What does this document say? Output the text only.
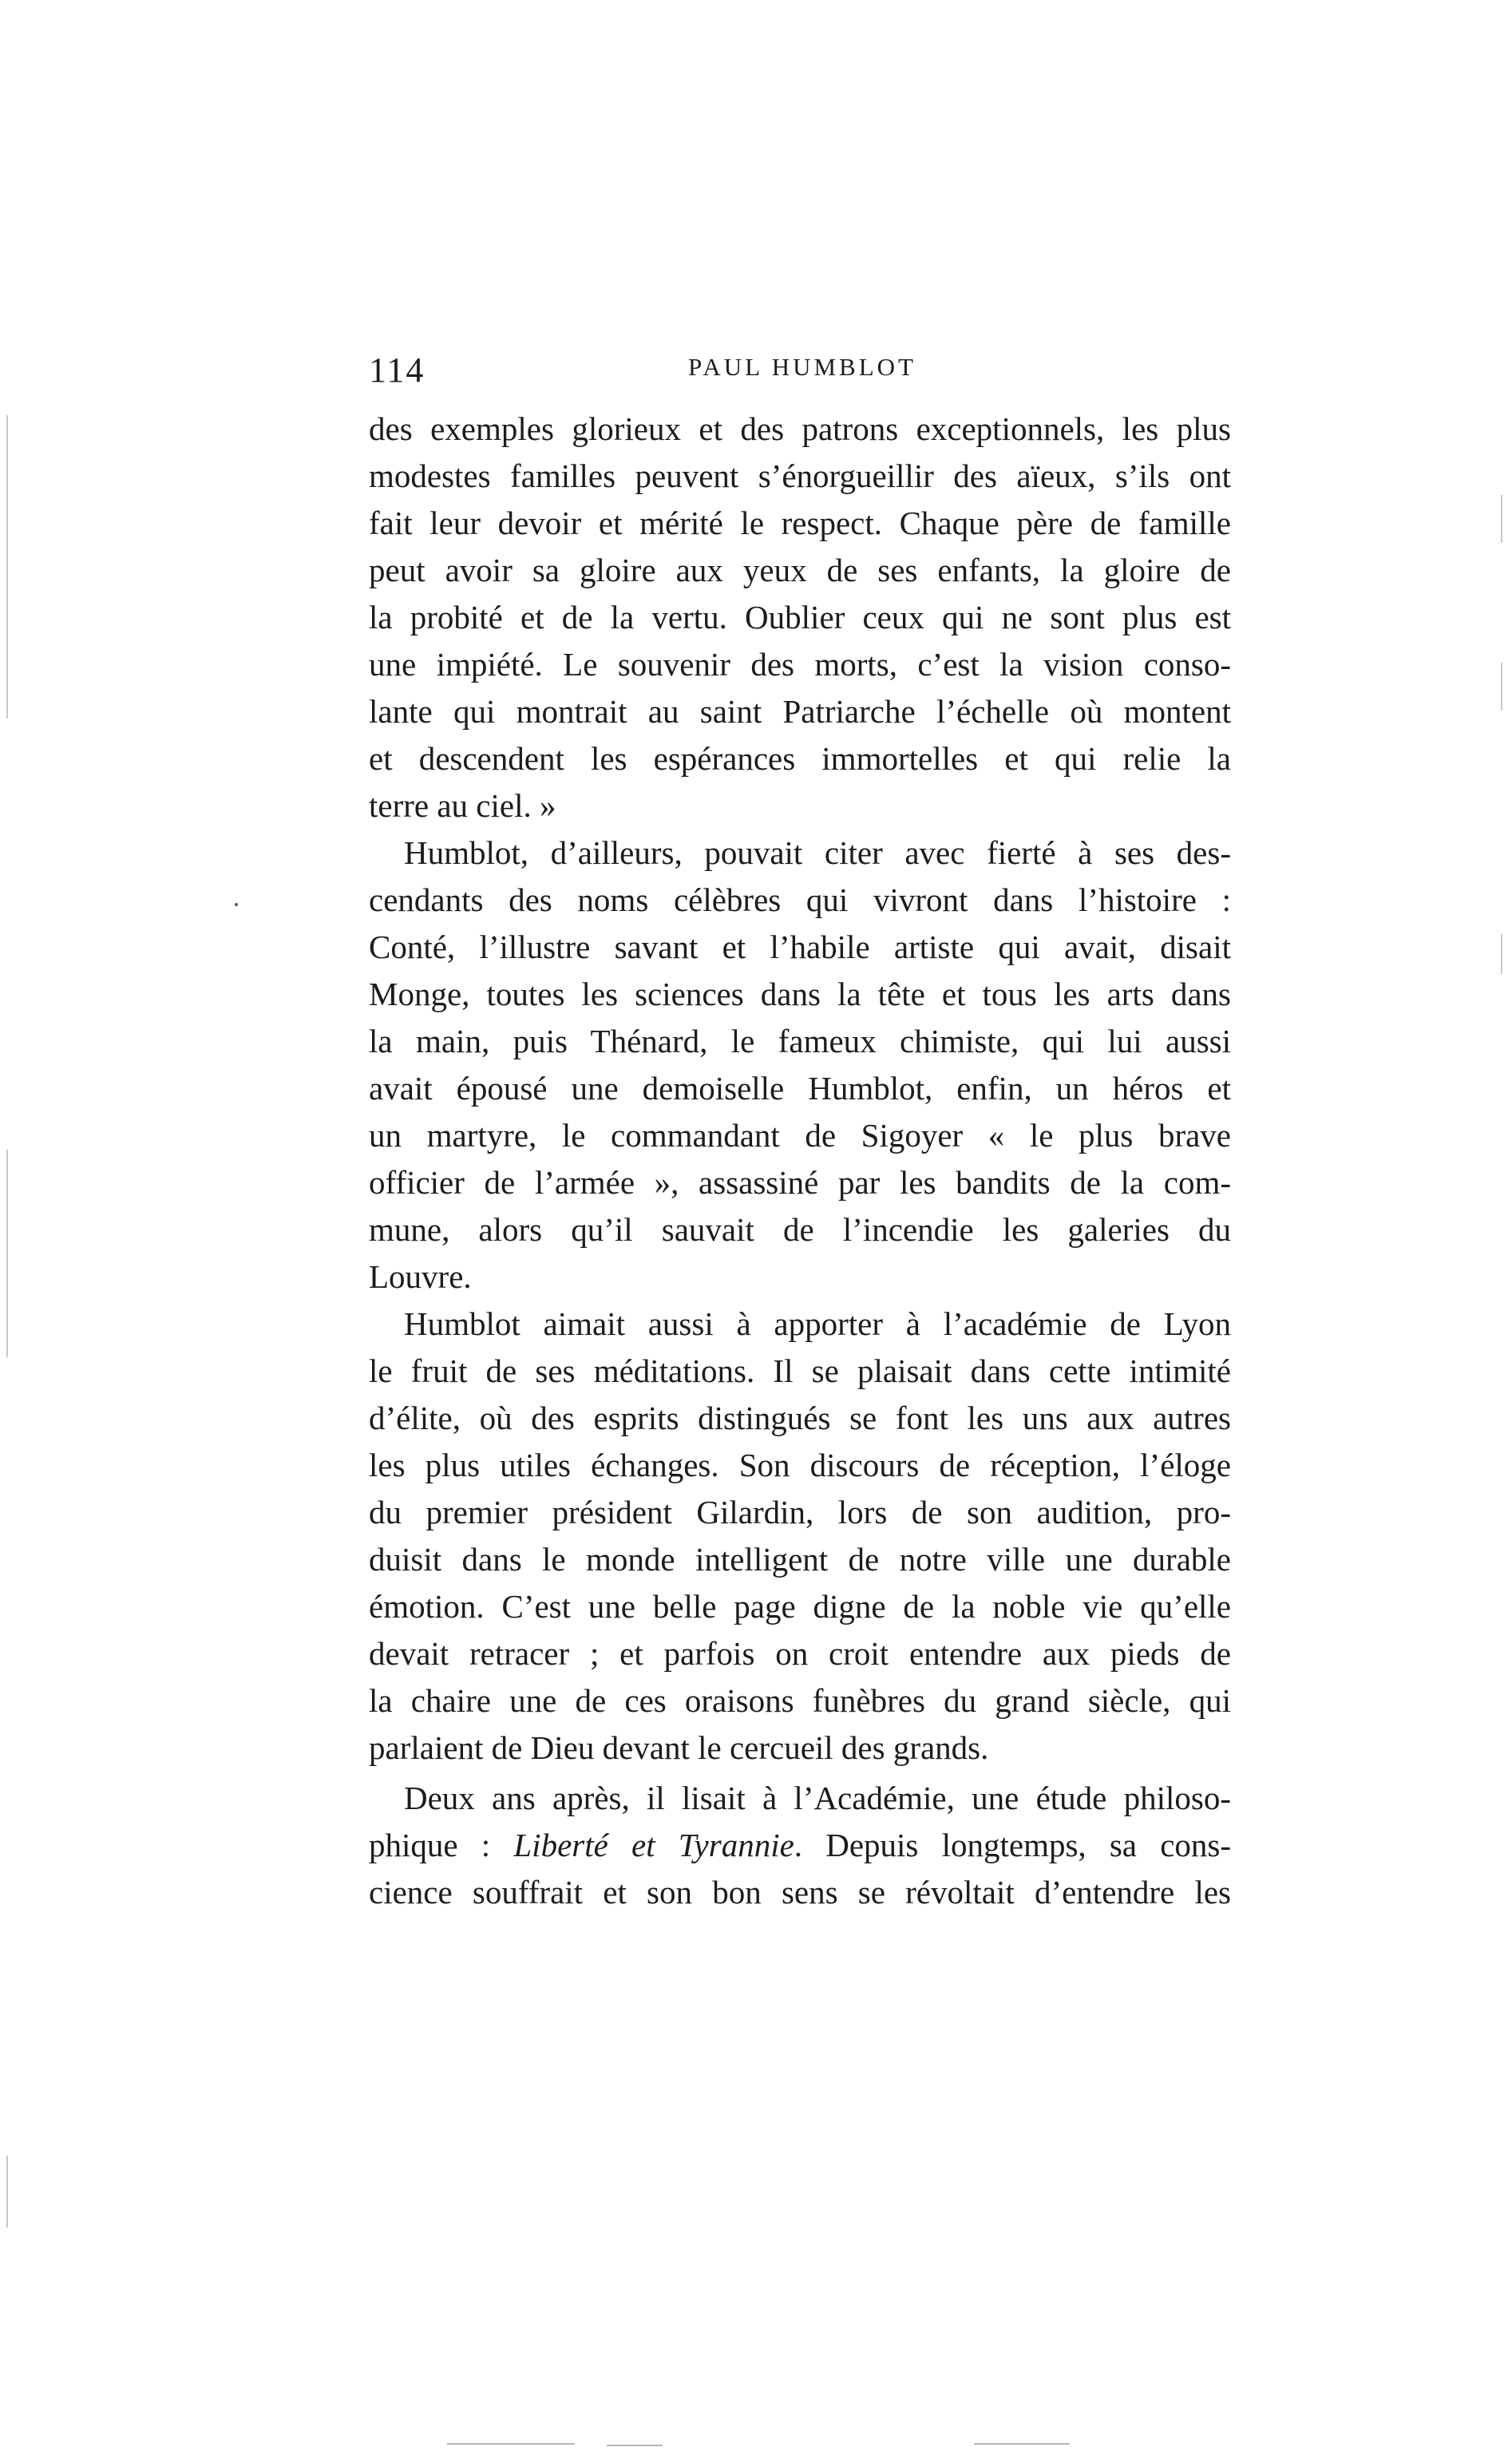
114	PAUL HUMBLOT
des exemples glorieux et des patrons exceptionnels, les plus
modestes familles peuvent s’énorgueillir des aïeux, s’ils ont
fait leur devoir et mérité le respect. Chaque père de famille
peut avoir sa gloire aux yeux de ses enfants, la gloire de
la probité et de la vertu. Oublier ceux qui ne sont plus est
une impiété. Le souvenir des morts, c’est la vision conso-
lante qui montrait au saint Patriarche l’échelle où montent
et descendent les espérances immortelles et qui relie la
terre au ciel. »
Humblot, d’ailleurs, pouvait citer avec fierté à ses des-
cendants des noms célèbres qui vivront dans l’histoire :
Conté, l’illustre savant et l’habile artiste qui avait, disait
Monge, toutes les sciences dans la tête et tous les arts dans
la main, puis Thénard, le fameux chimiste, qui lui aussi
avait épousé une demoiselle Humblot, enfin, un héros et
un martyre, le commandant de Sigoyer « le plus brave
officier de l’armée », assassiné par les bandits de la com-
mune, alors qu’il sauvait de l’incendie les galeries du
Louvre.
Humblot aimait aussi à apporter à l’académie de Lyon
le fruit de ses méditations. Il se plaisait dans cette intimité
d’élite, où des esprits distingués se font les uns aux autres
les plus utiles échanges. Son discours de réception, l’éloge
du premier président Gilardin, lors de son audition, pro-
duisit dans le monde intelligent de notre ville une durable
émotion. C’est une belle page digne de la noble vie qu’elle
devait retracer ; et parfois on croit entendre aux pieds de
la chaire une de ces oraisons funèbres du grand siècle, qui
parlaient de Dieu devant le cercueil des grands.
Deux ans après, il lisait à l’Académie, une étude philoso-
phique : Liberté et Tyrannie. Depuis longtemps, sa cons-
cience souffrait et son bon sens se révoltait d’entendre les
